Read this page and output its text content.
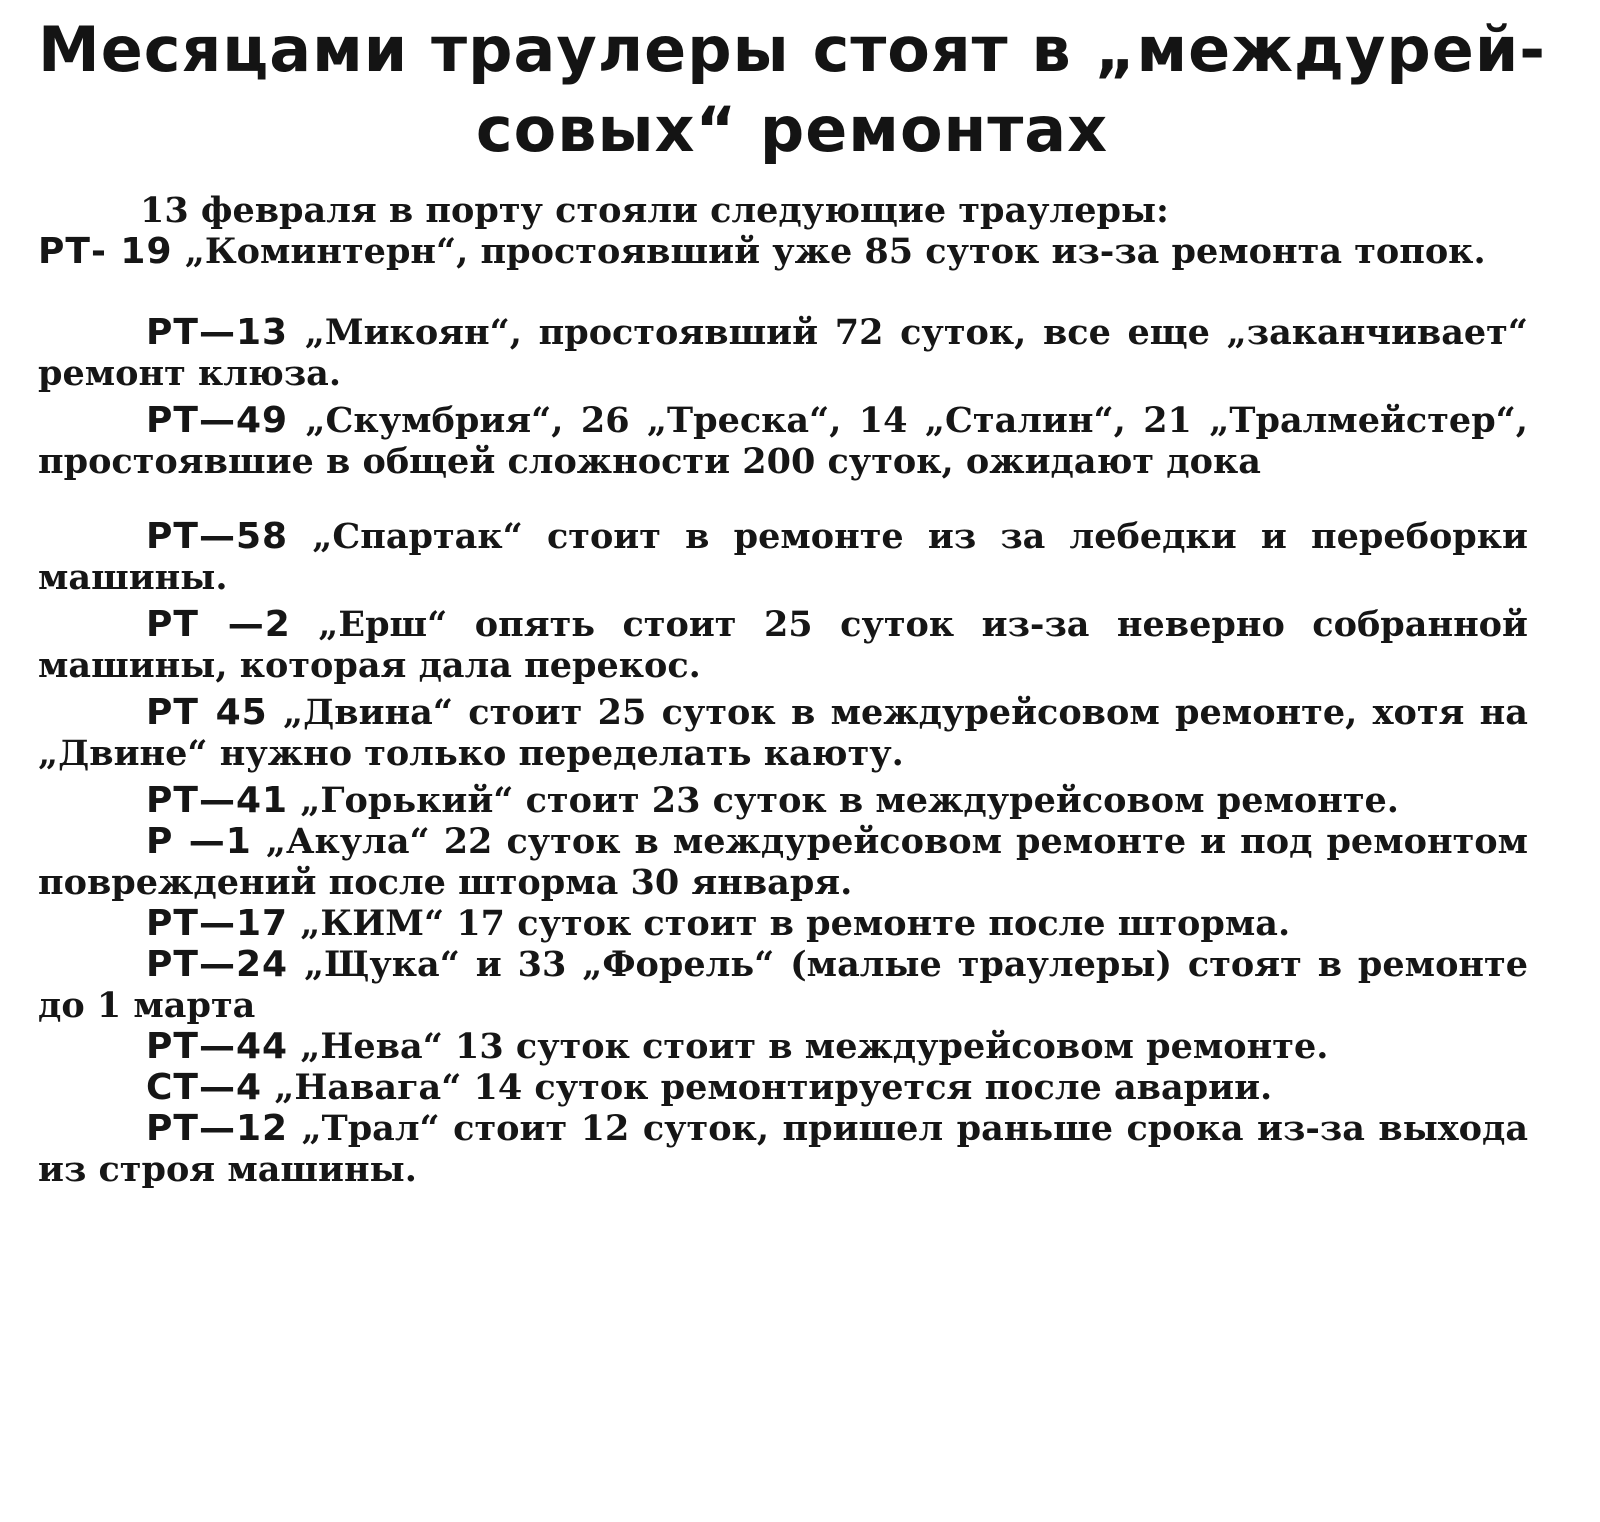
Месяцами траулеры стоят в „междурей-
совых“ ремонтах

13 февраля в порту стояли следующие траулеры:

РТ- 19 „Коминтерн“, простоявший уже 85 суток из-за ремонта топок.

РТ—13 „Микоян“, простоявший 72 суток, все еще „заканчивает“ ремонт клюза.

РТ—49 „Скумбрия“, 26 „Треска“, 14 „Сталин“, 21 „Тралмейстер“, простоявшие в общей сложности 200 суток, ожидают дока

РТ—58 „Спартак“ стоит в ремонте из за лебедки и переборки машины.

РТ —2 „Ерш“ опять стоит 25 суток из-за неверно собранной машины, которая дала перекос.

РТ 45 „Двина“ стоит 25 суток в междурейсовом ремонте, хотя на „Двине“ нужно только переделать каюту.

РТ—41 „Горький“ стоит 23 суток в междурейсовом ремонте.

Р —1 „Акула“ 22 суток в междурейсовом ремонте и под ремонтом повреждений после шторма 30 января.

РТ—17 „КИМ“ 17 суток стоит в ремонте после шторма.

РТ—24 „Щука“ и 33 „Форель“ (малые траулеры) стоят в ремонте до 1 марта

РТ—44 „Нева“ 13 суток стоит в междурейсовом ремонте.

СТ—4 „Навага“ 14 суток ремонтируется после аварии.

РТ—12 „Трал“ стоит 12 суток, пришел раньше срока из-за выхода из строя машины.
